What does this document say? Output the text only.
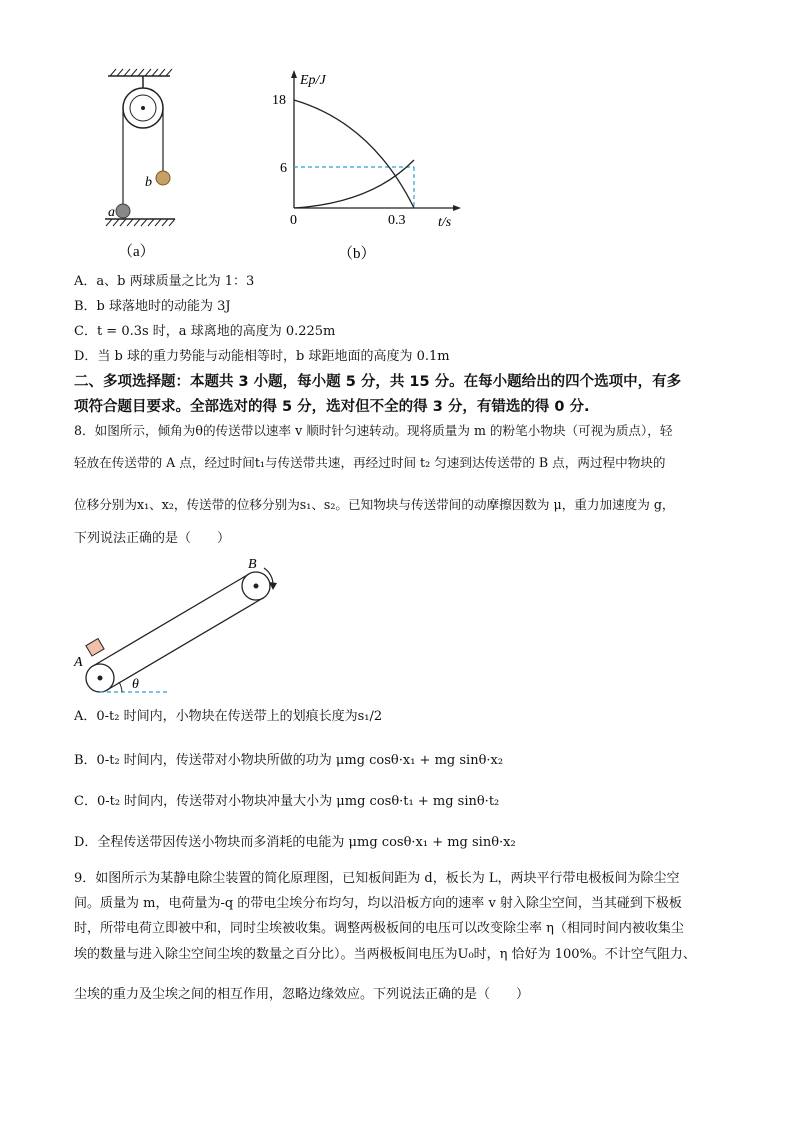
b
a
（a）
Ep/J
18
6
0	0.3 t/s
（b）
A．a、b 两球质量之比为 1：3
B．b 球落地时的动能为 3J
C．t = 0.3s 时，a 球离地的高度为 0.225m
D．当 b 球的重力势能与动能相等时，b 球距地面的高度为 0.1m
二、多项选择题：本题共 3 小题，每小题 5 分，共 15 分。在每小题给出的四个选项中，有多
项符合题目要求。全部选对的得 5 分，选对但不全的得 3 分，有错选的得 0 分.
8．如图所示，倾角为θ的传送带以速率 v 顺时针匀速转动。现将质量为 m 的粉笔小物块（可视为质点），轻
轻放在传送带的 A 点，经过时间t₁与传送带共速，再经过时间 t₂ 匀速到达传送带的 B 点，两过程中物块的
位移分别为x₁、x₂，传送带的位移分别为s₁、s₂。已知物块与传送带间的动摩擦因数为 μ，重力加速度为 g，
下列说法正确的是（　　）
θ
A
B
A．0-t₂ 时间内，小物块在传送带上的划痕长度为s₁/2
B．0-t₂ 时间内，传送带对小物块所做的功为 μmg cosθ·x₁ + mg sinθ·x₂
C．0-t₂ 时间内，传送带对小物块冲量大小为 μmg cosθ·t₁ + mg sinθ·t₂
D．全程传送带因传送小物块而多消耗的电能为 μmg cosθ·x₁ + mg sinθ·x₂
9．如图所示为某静电除尘装置的简化原理图，已知板间距为 d，板长为 L，两块平行带电极板间为除尘空
间。质量为 m，电荷量为-q 的带电尘埃分布均匀，均以沿板方向的速率 v 射入除尘空间，当其碰到下极板
时，所带电荷立即被中和，同时尘埃被收集。调整两极板间的电压可以改变除尘率 η（相同时间内被收集尘
埃的数量与进入除尘空间尘埃的数量之百分比）。当两极板间电压为U₀时，η 恰好为 100%。不计空气阻力、
尘埃的重力及尘埃之间的相互作用，忽略边缘效应。下列说法正确的是（　　）
